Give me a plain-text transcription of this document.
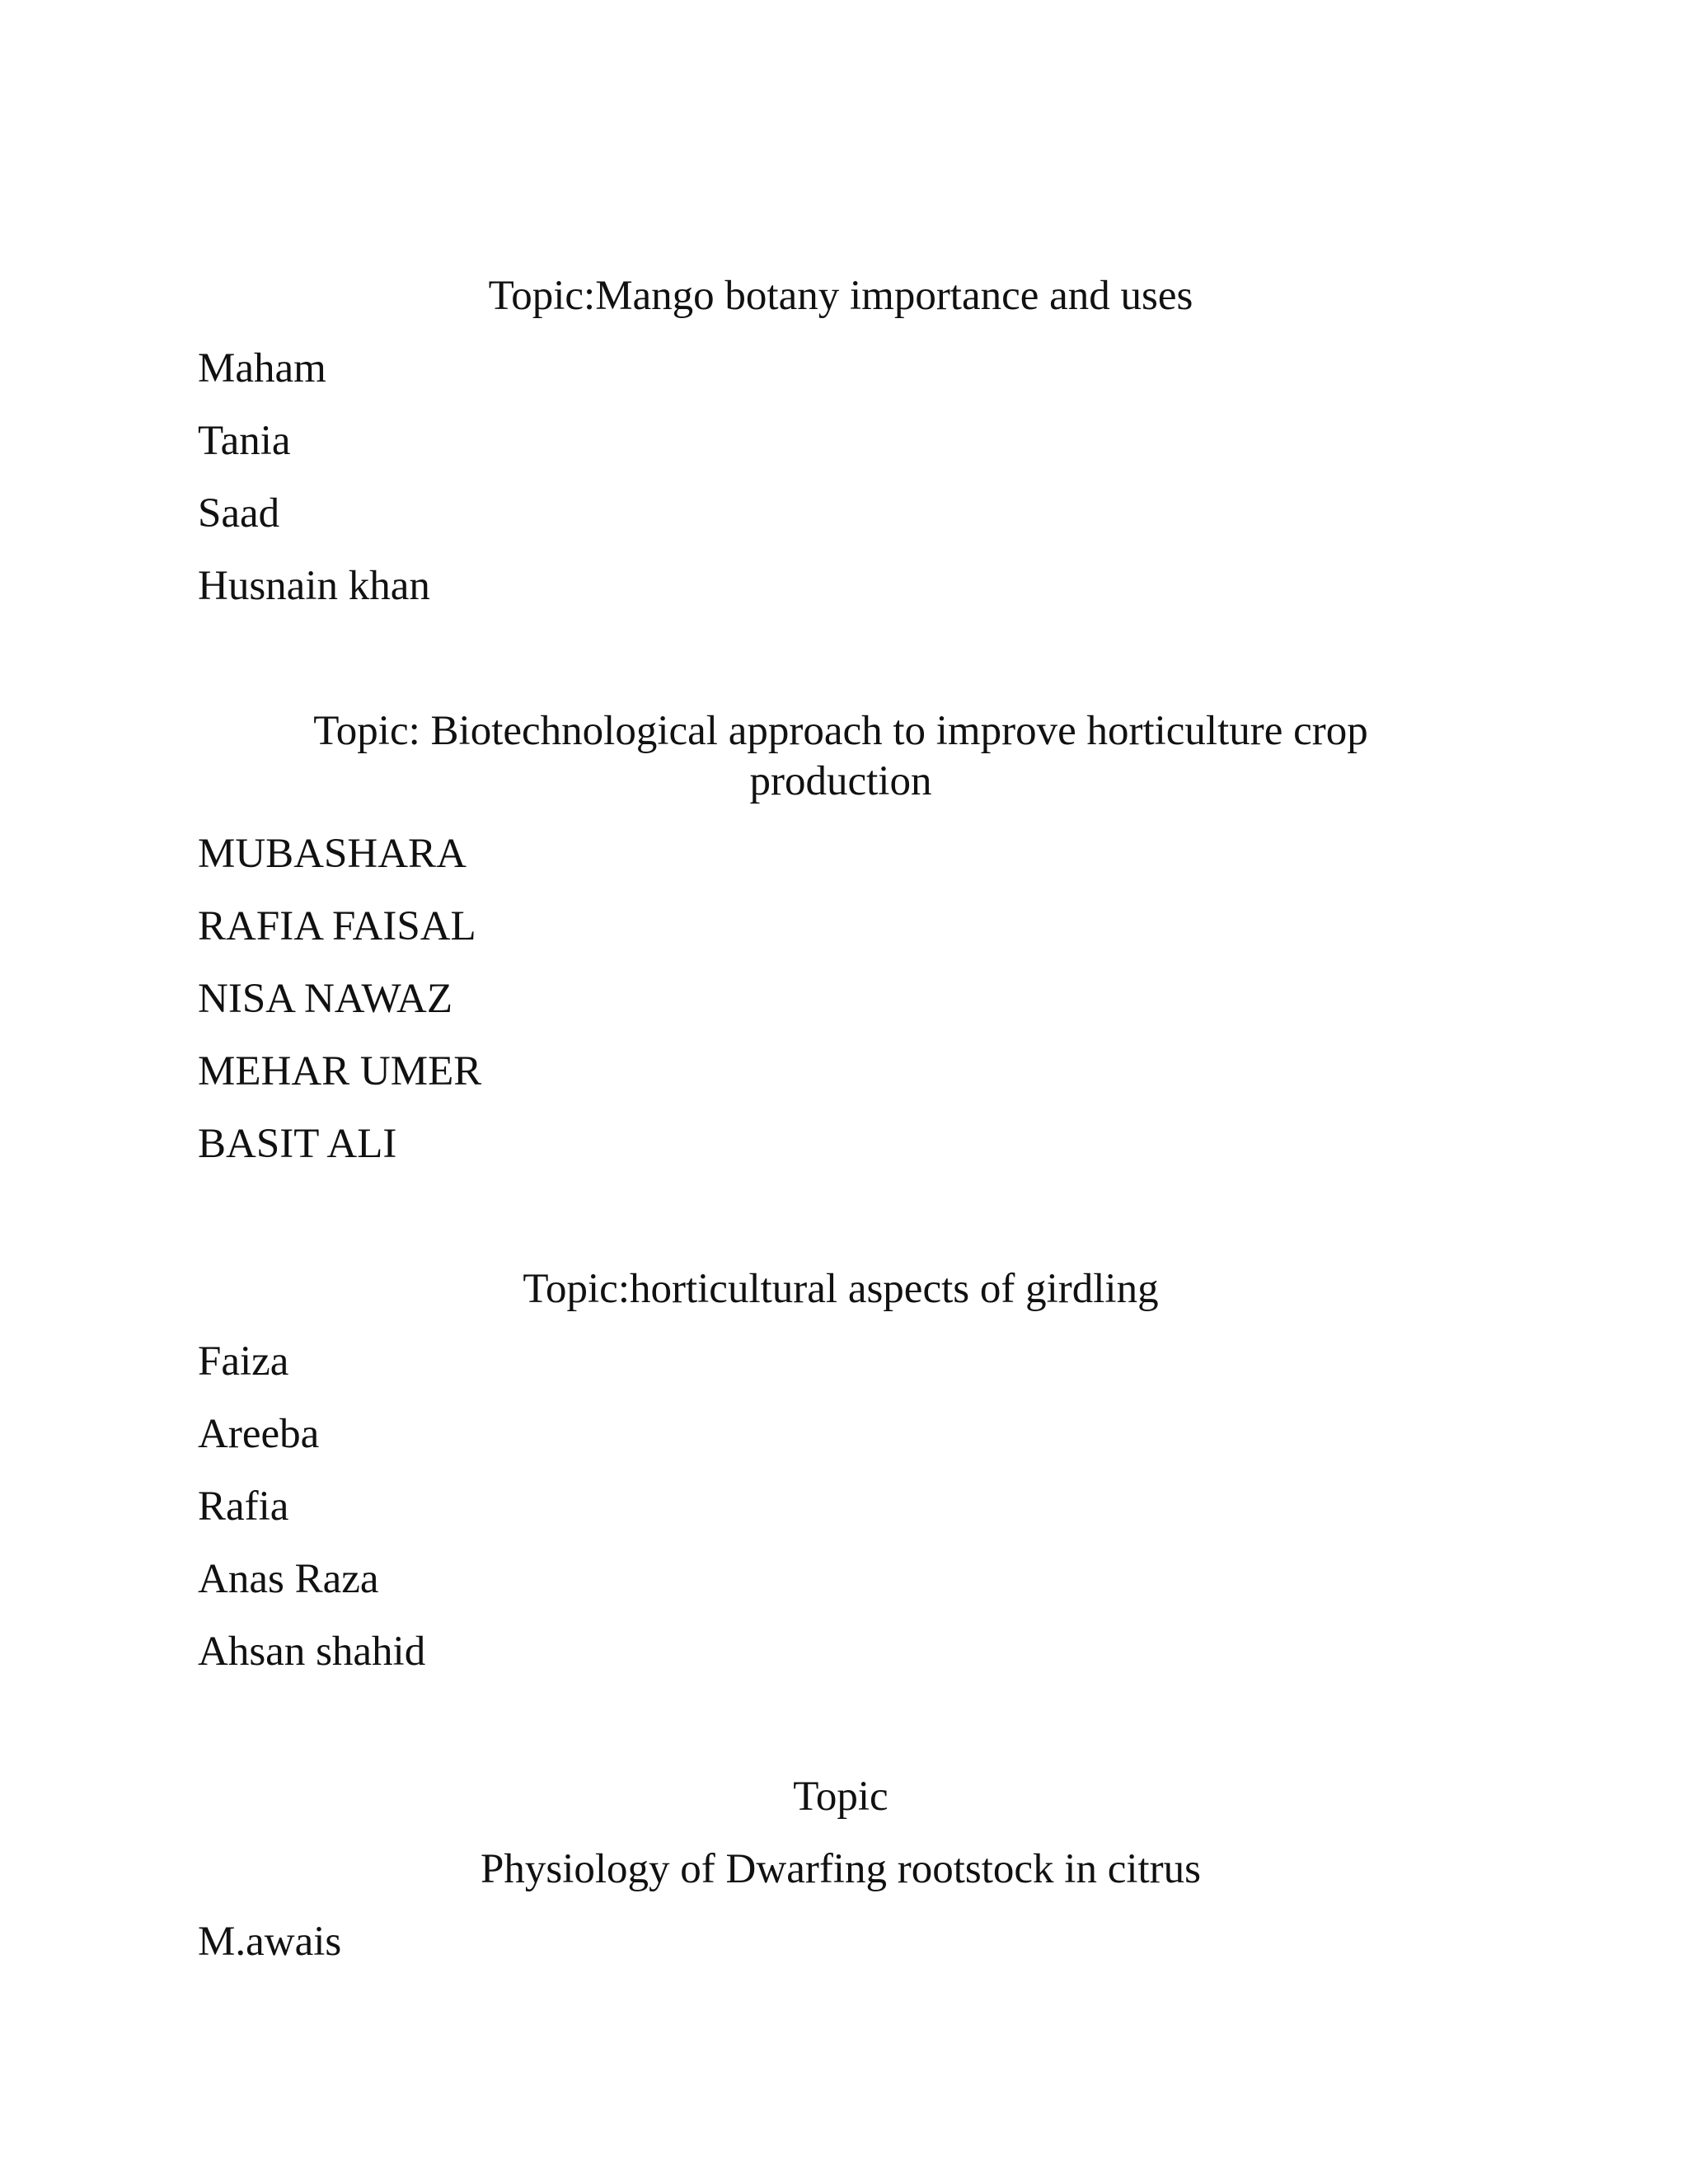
Topic:Mango botany importance and uses
Maham
Tania
Saad
Husnain khan
Topic: Biotechnological approach to improve horticulture crop
production
MUBASHARA
RAFIA FAISAL
NISA NAWAZ
MEHAR UMER
BASIT ALI
Topic:horticultural aspects of girdling
Faiza
Areeba
Rafia
Anas Raza
Ahsan shahid
Topic
Physiology of Dwarfing rootstock in citrus
M.awais
